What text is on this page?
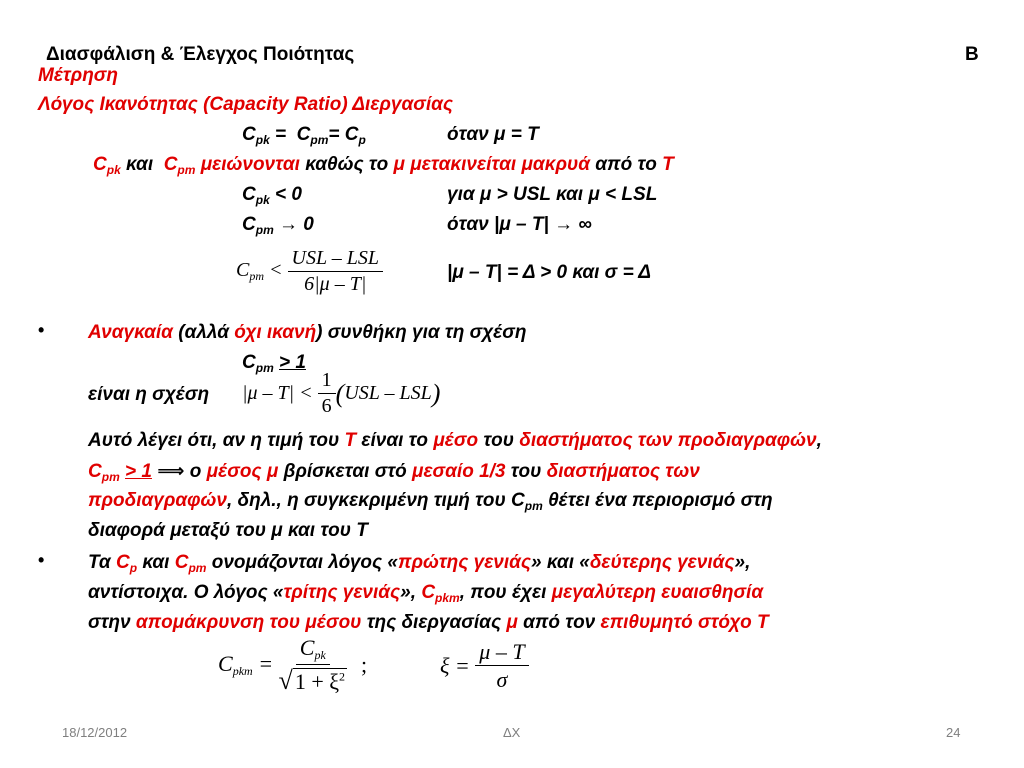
Διασφάλιση & Έλεγχος Ποιότητας	Β
Μέτρηση
Λόγος Ικανότητας (Capacity Ratio) Διεργασίας
$C_{pk} = C_{pm}= C_p$	όταν μ = Τ
$C_{pk}$ και $C_{pm}$ μειώνονται καθώς το μ μετακινείται μακρυά από το Τ
$C_{pk} < 0$	για μ > USL και μ < LSL
$C_{pm} \to 0$	όταν |μ – Τ| → ∞
$C_{pm} < \frac{\text{USL – LSL}}{6|\mu - T|}$	|μ – Τ| = Δ > 0 και σ = Δ
• Αναγκαία (αλλά όχι ικανή) συνθήκη για τη σχέση
$C_{pm} > 1$
είναι η σχέση $|\mu - T| < \frac{1}{6}$ ( USL – LSL )
Αυτό λέγει ότι, αν η τιμή του Τ είναι το μέσο του διαστήματος των προδιαγραφών,
$C_{pm} > 1$ ⟹ ο μέσος μ βρίσκεται στό μεσαίο 1/3 του διαστήματος των
προδιαγραφών, δηλ., η συγκεκριμένη τιμή του $C_{pm}$ θέτει ένα περιορισμό στη
διαφορά μεταξύ του μ και του Τ
• Τα $C_p$ και $C_{pm}$ ονομάζονται λόγος «πρώτης γενιάς» και «δεύτερης γενιάς»,
αντίστοιχα. Ο λόγος «τρίτης γενιάς», $C_{pkm}$, που έχει μεγαλύτερη ευαισθησία
στην απομάκρυνση του μέσου της διεργασίας μ από τον επιθυμητό στόχο Τ
$C_{pkm} = \frac{C_{pk}}{√1 + \xi^2}$ ;	$\xi = \frac{\mu - T}{\sigma}$
18/12/2012	ΔΧ	24
